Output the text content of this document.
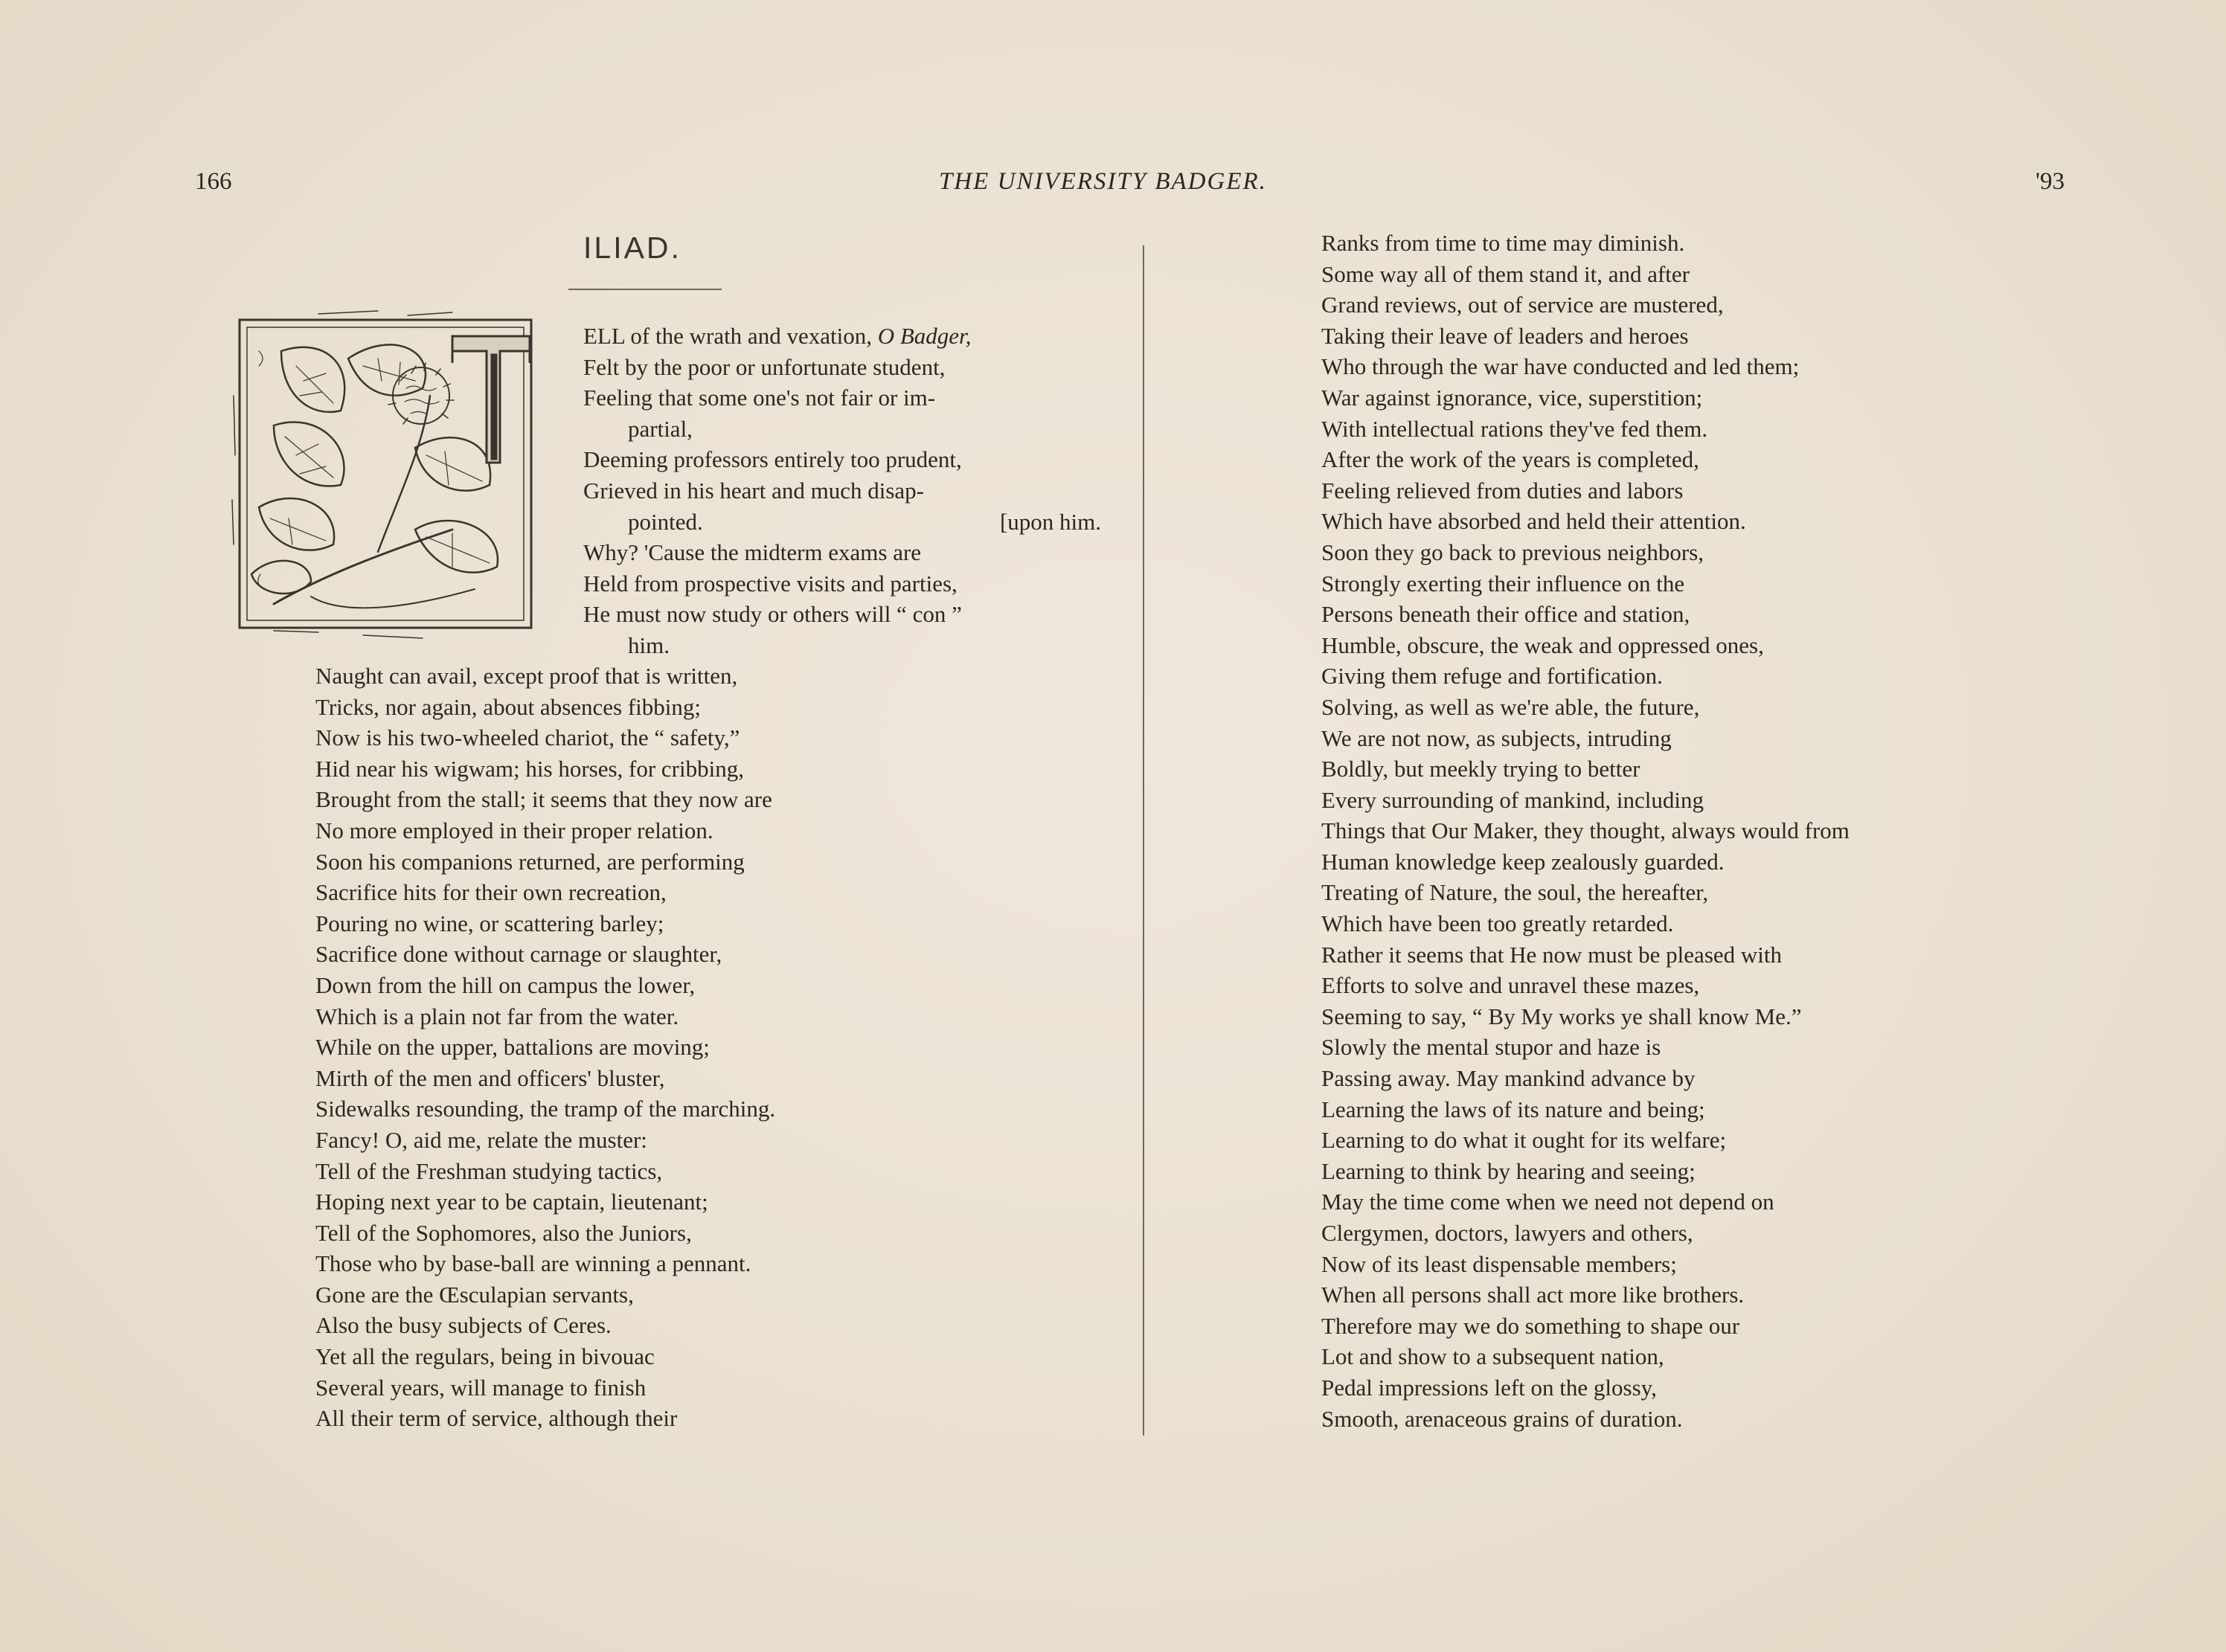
166	THE UNIVERSITY BADGER.	'93
ILIAD.
ELL of the wrath and vexation, O Badger,
Felt by the poor or unfortunate student,
Feeling that some one's not fair or im-
partial,
Deeming professors entirely too prudent,
Grieved in his heart and much disap-
pointed.	[upon him.
Why? 'Cause the midterm exams are
Held from prospective visits and parties,
He must now study or others will “ con ”
him.
Naught can avail, except proof that is written,
Tricks, nor again, about absences fibbing;
Now is his two-wheeled chariot, the “ safety,”
Hid near his wigwam; his horses, for cribbing,
Brought from the stall; it seems that they now are
No more employed in their proper relation.
Soon his companions returned, are performing
Sacrifice hits for their own recreation,
Pouring no wine, or scattering barley;
Sacrifice done without carnage or slaughter,
Down from the hill on campus the lower,
Which is a plain not far from the water.
While on the upper, battalions are moving;
Mirth of the men and officers' bluster,
Sidewalks resounding, the tramp of the marching.
Fancy! O, aid me, relate the muster:
Tell of the Freshman studying tactics,
Hoping next year to be captain, lieutenant;
Tell of the Sophomores, also the Juniors,
Those who by base-ball are winning a pennant.
Gone are the Œsculapian servants,
Also the busy subjects of Ceres.
Yet all the regulars, being in bivouac
Several years, will manage to finish
All their term of service, although their
Ranks from time to time may diminish.
Some way all of them stand it, and after
Grand reviews, out of service are mustered,
Taking their leave of leaders and heroes
Who through the war have conducted and led them;
War against ignorance, vice, superstition;
With intellectual rations they've fed them.
After the work of the years is completed,
Feeling relieved from duties and labors
Which have absorbed and held their attention.
Soon they go back to previous neighbors,
Strongly exerting their influence on the
Persons beneath their office and station,
Humble, obscure, the weak and oppressed ones,
Giving them refuge and fortification.
Solving, as well as we're able, the future,
We are not now, as subjects, intruding
Boldly, but meekly trying to better
Every surrounding of mankind, including
Things that Our Maker, they thought, always would from
Human knowledge keep zealously guarded.
Treating of Nature, the soul, the hereafter,
Which have been too greatly retarded.
Rather it seems that He now must be pleased with
Efforts to solve and unravel these mazes,
Seeming to say, “ By My works ye shall know Me.”
Slowly the mental stupor and haze is
Passing away. May mankind advance by
Learning the laws of its nature and being;
Learning to do what it ought for its welfare;
Learning to think by hearing and seeing;
May the time come when we need not depend on
Clergymen, doctors, lawyers and others,
Now of its least dispensable members;
When all persons shall act more like brothers.
Therefore may we do something to shape our
Lot and show to a subsequent nation,
Pedal impressions left on the glossy,
Smooth, arenaceous grains of duration.
